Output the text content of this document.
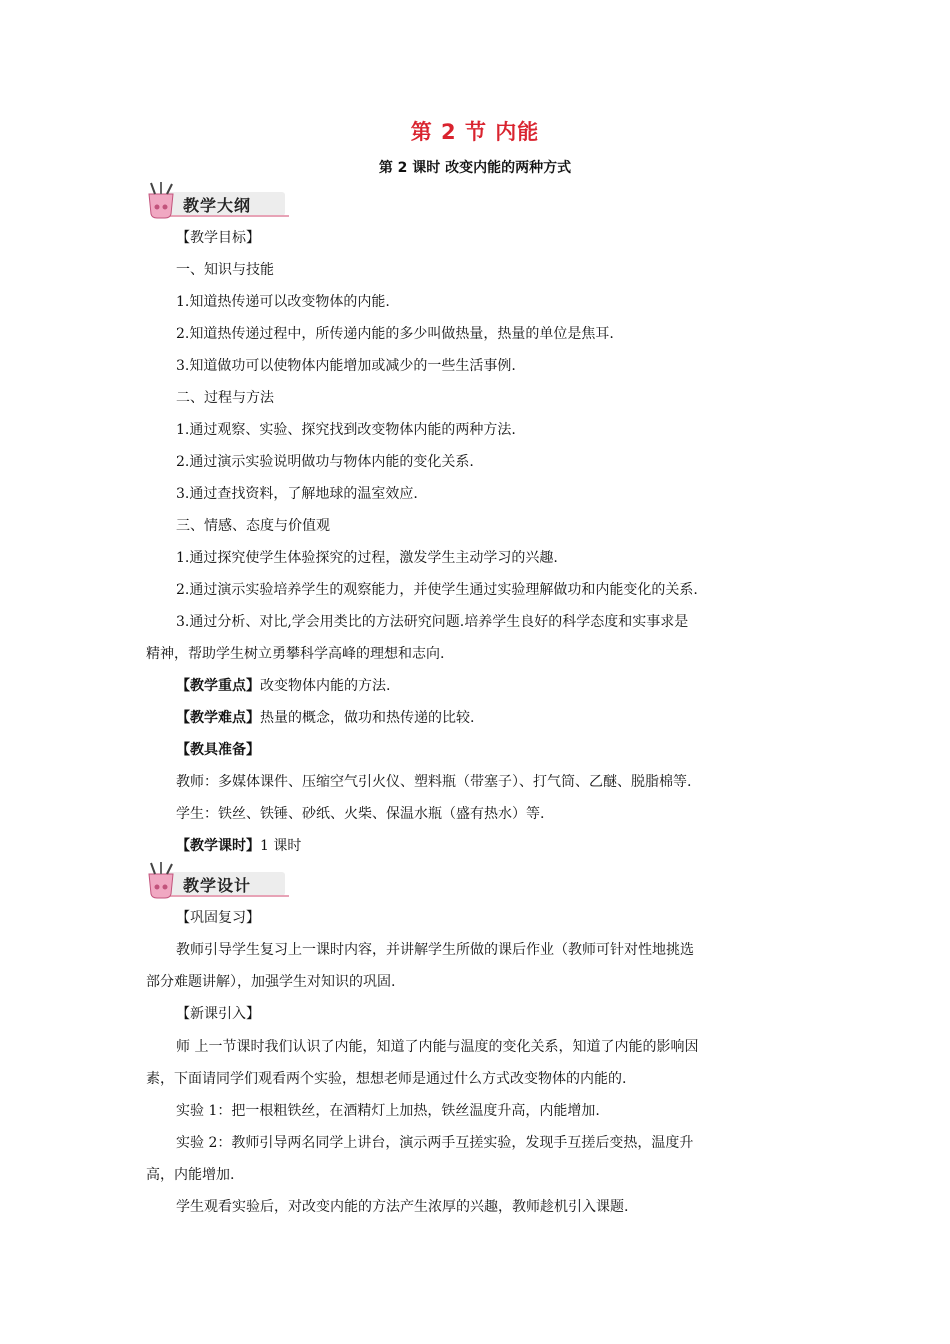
第 2 节 内能
第 2 课时 改变内能的两种方式
教学大纲
【教学目标】
一、知识与技能
1.知道热传递可以改变物体的内能.
2.知道热传递过程中，所传递内能的多少叫做热量，热量的单位是焦耳.
3.知道做功可以使物体内能增加或减少的一些生活事例.
二、过程与方法
1.通过观察、实验、探究找到改变物体内能的两种方法.
2.通过演示实验说明做功与物体内能的变化关系.
3.通过查找资料，了解地球的温室效应.
三、情感、态度与价值观
1.通过探究使学生体验探究的过程，激发学生主动学习的兴趣.
2.通过演示实验培养学生的观察能力，并使学生通过实验理解做功和内能变化的关系.
3.通过分析、对比,学会用类比的方法研究问题.培养学生良好的科学态度和实事求是
精神，帮助学生树立勇攀科学高峰的理想和志向.
【教学重点】改变物体内能的方法.
【教学难点】热量的概念，做功和热传递的比较.
【教具准备】
教师：多媒体课件、压缩空气引火仪、塑料瓶（带塞子）、打气筒、乙醚、脱脂棉等.
学生：铁丝、铁锤、砂纸、火柴、保温水瓶（盛有热水）等.
【教学课时】1 课时
教学设计
【巩固复习】
教师引导学生复习上一课时内容，并讲解学生所做的课后作业（教师可针对性地挑选
部分难题讲解），加强学生对知识的巩固.
【新课引入】
师 上一节课时我们认识了内能，知道了内能与温度的变化关系，知道了内能的影响因
素，下面请同学们观看两个实验，想想老师是通过什么方式改变物体的内能的.
实验 1：把一根粗铁丝，在酒精灯上加热，铁丝温度升高，内能增加.
实验 2：教师引导两名同学上讲台，演示两手互搓实验，发现手互搓后变热，温度升
高，内能增加.
学生观看实验后，对改变内能的方法产生浓厚的兴趣，教师趁机引入课题.
